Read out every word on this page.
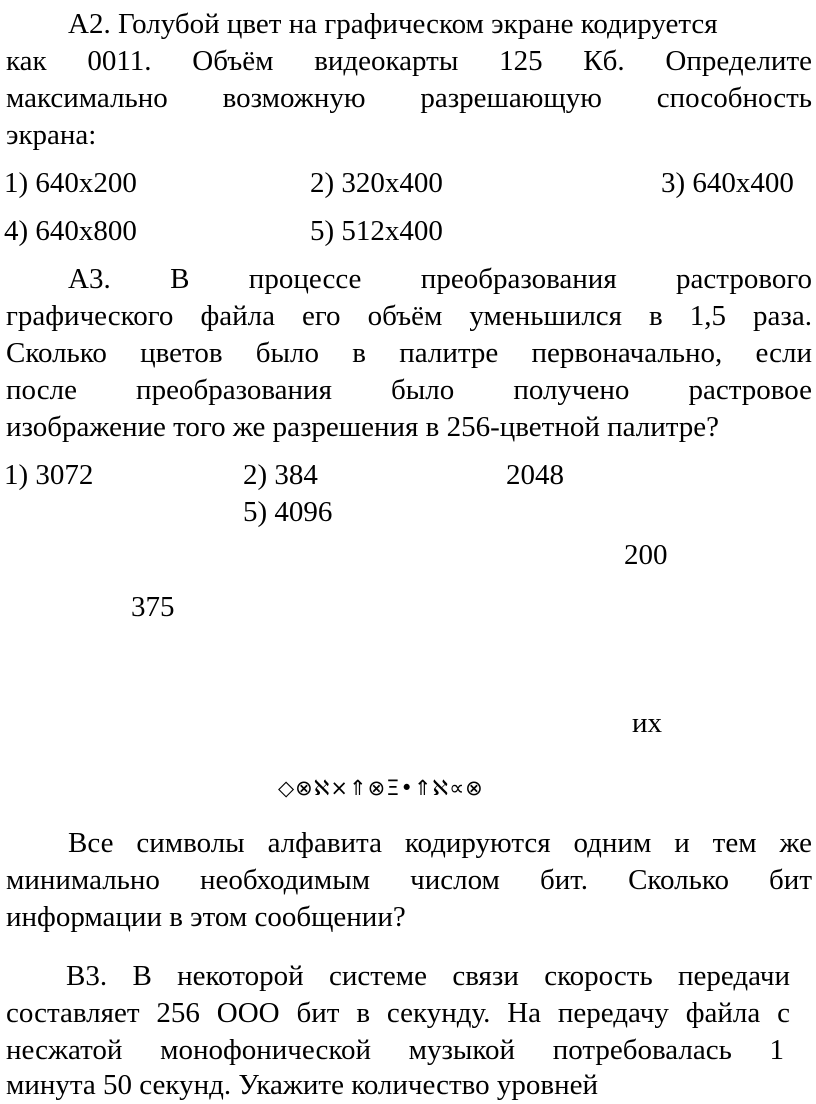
А2. Голубой цвет на графическом экране кодируется
как 0011. Объём видеокарты 125 Кб. Определите
максимально возможную разрешающую способность
экрана:
1) 640x200	2) 320x400	3) 640x400
4) 640x800	5) 512x400
А3. В процессе преобразования растрового
графического файла его объём уменьшился в 1,5 раза.
Сколько цветов было в палитре первоначально, если
после преобразования было получено растровое
изображение того же разрешения в 256-цветной палитре?
1) 3072	2) 384	2048
5) 4096
200
375
их
◇⊗ℵ×⇑⊗Ξ•⇑ℵ∝⊗
Все символы алфавита кодируются одним и тем же
минимально необходимым числом бит. Сколько бит
информации в этом сообщении?
В3. В некоторой системе связи скорость передачи
составляет 256 ООО бит в секунду. На передачу файла с
несжатой монофонической музыкой потребовалась 1
минута 50 секунд. Укажите количество уровней
